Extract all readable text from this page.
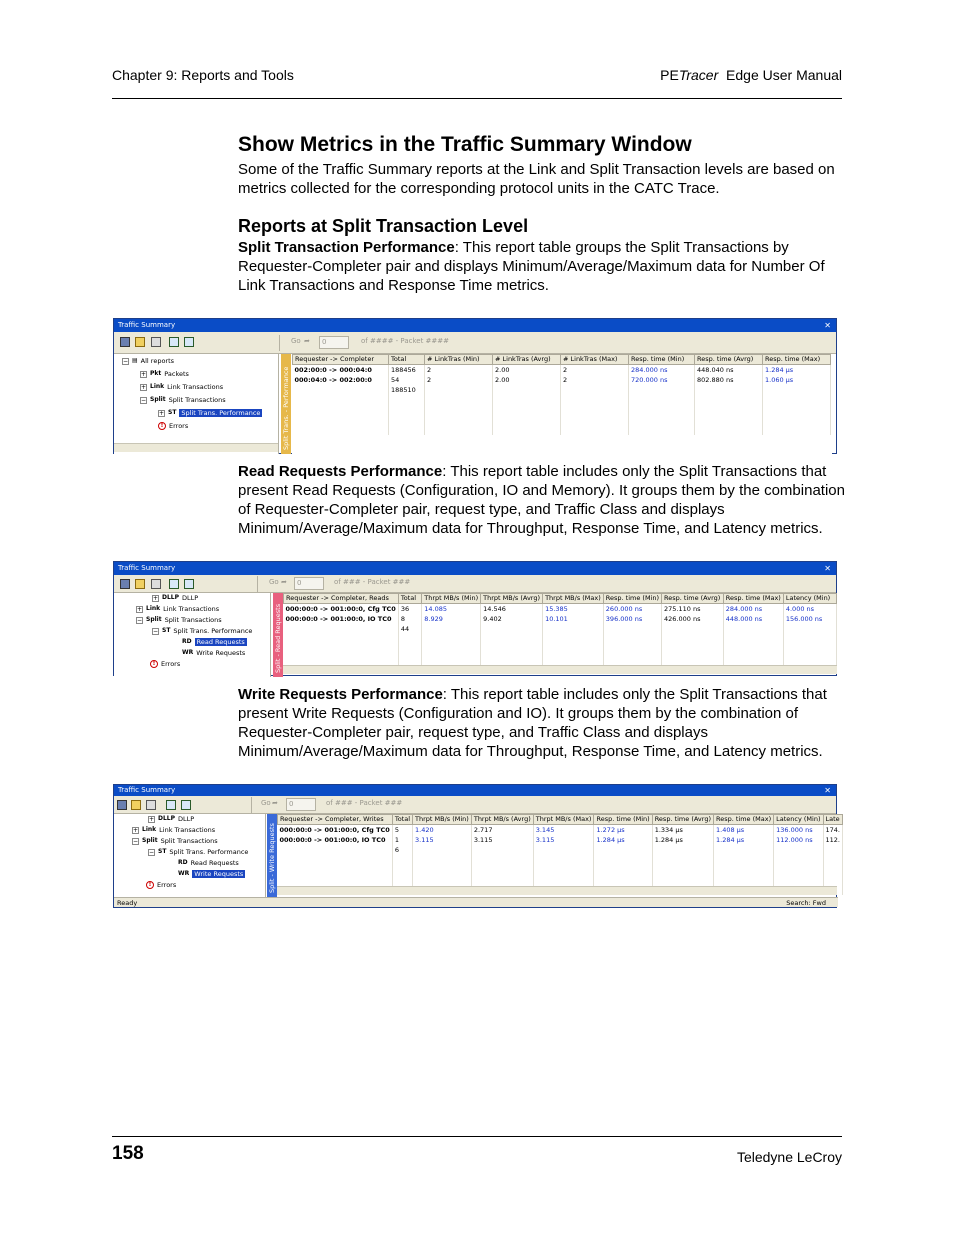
Chapter 9: Reports and Tools	PETracer Edge User Manual
Show Metrics in the Traffic Summary Window
Some of the Traffic Summary reports at the Link and Split Transaction levels are based on metrics collected for the corresponding protocol units in the CATC Trace.
Reports at Split Transaction Level
Split Transaction Performance: This report table groups the Split Transactions by Requester-Completer pair and displays Minimum/Average/Maximum data for Number Of Link Transactions and Response Time metrics.
Traffic Summary	✕
Go ➦	0	of #### - Packet ####
− ▤ All reports
+ Pkt Packets
+ Link Link Transactions
− Split Split Transactions
+ ST Split Trans. Performance
! Errors	Split Trans. - Performance
Requester -> Completer	Total	# LinkTras (Min)	# LinkTras (Avrg)	# LinkTras (Max)	Resp. time (Min)	Resp. time (Avrg)	Resp. time (Max)
002:00:0 -> 000:04:0	188456	2	2.00	2	284.000 ns	448.040 ns	1.284 µs
000:04:0 -> 002:00:0	54	2	2.00	2	720.000 ns	802.880 ns	1.060 µs
	188510						

Read Requests Performance: This report table includes only the Split Transactions that present Read Requests (Configuration, IO and Memory). It groups them by the combination of Requester-Completer pair, request type, and Traffic Class and displays Minimum/Average/Maximum data for Throughput, Response Time, and Latency metrics.
Traffic Summary	✕
Go ➦	0	of ### - Packet ###
+ DLLP DLLP
+ Link Link Transactions
− Split Split Transactions
− ST Split Trans. Performance
RD Read Requests
WR Write Requests
! Errors	Split - Read Requests
Requester -> Completer, Reads	Total	Thrpt MB/s (Min)	Thrpt MB/s (Avrg)	Thrpt MB/s (Max)	Resp. time (Min)	Resp. time (Avrg)	Resp. time (Max)	Latency (Min)
000:00:0 -> 001:00:0, Cfg TC0	36	14.085	14.546	15.385	260.000 ns	275.110 ns	284.000 ns	4.000 ns
000:00:0 -> 001:00:0, IO TC0	8	8.929	9.402	10.101	396.000 ns	426.000 ns	448.000 ns	156.000 ns
	44							

Write Requests Performance: This report table includes only the Split Transactions that present Write Requests (Configuration and IO). It groups them by the combination of Requester-Completer pair, request type, and Traffic Class and displays Minimum/Average/Maximum data for Throughput, Response Time, and Latency metrics.
Traffic Summary	✕
Go ➦	0	of ### - Packet ###
+ DLLP DLLP
+ Link Link Transactions
− Split Split Transactions
− ST Split Trans. Performance
RD Read Requests
WR Write Requests
! Errors	Split - Write Requests
Requester -> Completer, Writes	Total	Thrpt MB/s (Min)	Thrpt MB/s (Avrg)	Thrpt MB/s (Max)	Resp. time (Min)	Resp. time (Avrg)	Resp. time (Max)	Latency (Min)	Late
000:00:0 -> 001:00:0, Cfg TC0	5	1.420	2.717	3.145	1.272 µs	1.334 µs	1.408 µs	136.000 ns	174.
000:00:0 -> 001:00:0, IO TC0	1	3.115	3.115	3.115	1.284 µs	1.284 µs	1.284 µs	112.000 ns	112.
	6								

Ready	Search: Fwd
158	Teledyne LeCroy
